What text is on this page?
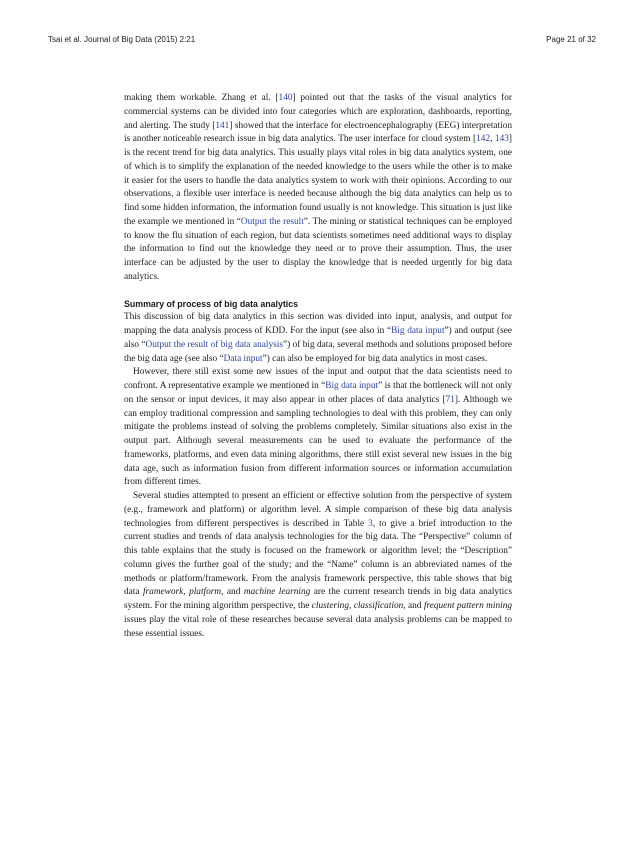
Tsai et al. Journal of Big Data (2015) 2:21	Page 21 of 32

making them workable. Zhang et al. [140] pointed out that the tasks of the visual analytics for commercial systems can be divided into four categories which are exploration, dashboards, reporting, and alerting. The study [141] showed that the interface for electroencephalography (EEG) interpretation is another noticeable research issue in big data analytics. The user interface for cloud system [142, 143] is the recent trend for big data analytics. This usually plays vital roles in big data analytics system, one of which is to simplify the explanation of the needed knowledge to the users while the other is to make it easier for the users to handle the data analytics system to work with their opinions. According to our observations, a flexible user interface is needed because although the big data analytics can help us to find some hidden information, the information found usually is not knowledge. This situation is just like the example we mentioned in “Output the result”. The mining or statistical techniques can be employed to know the flu situation of each region, but data scientists sometimes need additional ways to display the information to find out the knowledge they need or to prove their assumption. Thus, the user interface can be adjusted by the user to display the knowledge that is needed urgently for big data analytics.

Summary of process of big data analytics

This discussion of big data analytics in this section was divided into input, analysis, and output for mapping the data analysis process of KDD. For the input (see also in “Big data input”) and output (see also “Output the result of big data analysis”) of big data, several methods and solutions proposed before the big data age (see also “Data input”) can also be employed for big data analytics in most cases.

However, there still exist some new issues of the input and output that the data scientists need to confront. A representative example we mentioned in “Big data input” is that the bottleneck will not only on the sensor or input devices, it may also appear in other places of data analytics [71]. Although we can employ traditional compression and sampling technologies to deal with this problem, they can only mitigate the problems instead of solving the problems completely. Similar situations also exist in the output part. Although several measurements can be used to evaluate the performance of the frameworks, platforms, and even data mining algorithms, there still exist several new issues in the big data age, such as information fusion from different information sources or information accumulation from different times.

Several studies attempted to present an efficient or effective solution from the perspective of system (e.g., framework and platform) or algorithm level. A simple comparison of these big data analysis technologies from different perspectives is described in Table 3, to give a brief introduction to the current studies and trends of data analysis technologies for the big data. The “Perspective” column of this table explains that the study is focused on the framework or algorithm level; the “Description” column gives the further goal of the study; and the “Name” column is an abbreviated names of the methods or platform/framework. From the analysis framework perspective, this table shows that big data framework, platform, and machine learning are the current research trends in big data analytics system. For the mining algorithm perspective, the clustering, classification, and frequent pattern mining issues play the vital role of these researches because several data analysis problems can be mapped to these essential issues.
